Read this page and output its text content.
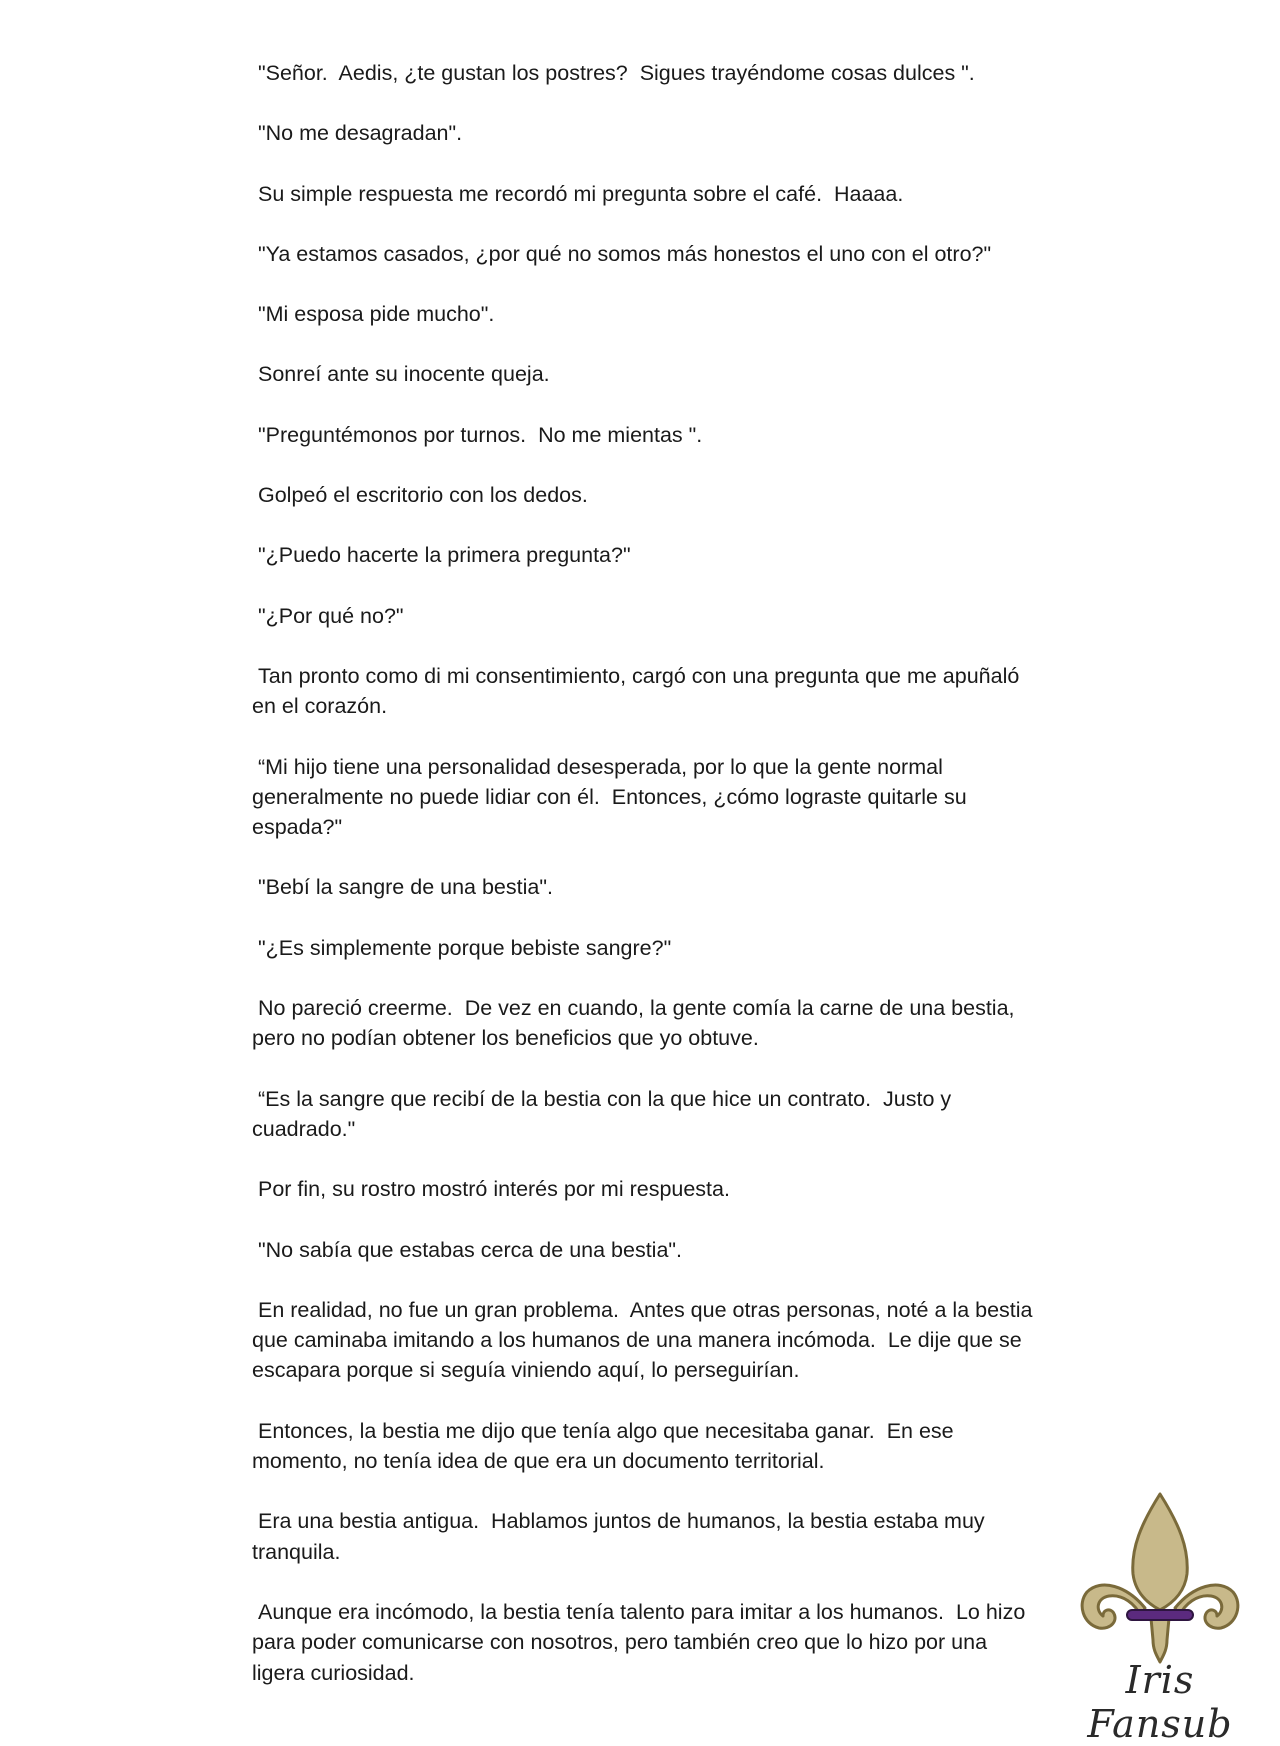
"Señor.  Aedis, ¿te gustan los postres?  Sigues trayéndome cosas dulces ".

"No me desagradan".

Su simple respuesta me recordó mi pregunta sobre el café.  Haaaa.

"Ya estamos casados, ¿por qué no somos más honestos el uno con el otro?"

"Mi esposa pide mucho".

Sonreí ante su inocente queja.

"Preguntémonos por turnos.  No me mientas ".

Golpeó el escritorio con los dedos.

"¿Puedo hacerte la primera pregunta?"

"¿Por qué no?"

Tan pronto como di mi consentimiento, cargó con una pregunta que me apuñaló en el corazón.

“Mi hijo tiene una personalidad desesperada, por lo que la gente normal generalmente no puede lidiar con él.  Entonces, ¿cómo lograste quitarle su espada?"

"Bebí la sangre de una bestia".

"¿Es simplemente porque bebiste sangre?"

No pareció creerme.  De vez en cuando, la gente comía la carne de una bestia, pero no podían obtener los beneficios que yo obtuve.

“Es la sangre que recibí de la bestia con la que hice un contrato.  Justo y cuadrado."

Por fin, su rostro mostró interés por mi respuesta.

"No sabía que estabas cerca de una bestia".

En realidad, no fue un gran problema.  Antes que otras personas, noté a la bestia que caminaba imitando a los humanos de una manera incómoda.  Le dije que se escapara porque si seguía viniendo aquí, lo perseguirían.

Entonces, la bestia me dijo que tenía algo que necesitaba ganar.  En ese momento, no tenía idea de que era un documento territorial.

Era una bestia antigua.  Hablamos juntos de humanos, la bestia estaba muy tranquila.

Aunque era incómodo, la bestia tenía talento para imitar a los humanos.  Lo hizo para poder comunicarse con nosotros, pero también creo que lo hizo por una ligera curiosidad.	Iris Fansub
